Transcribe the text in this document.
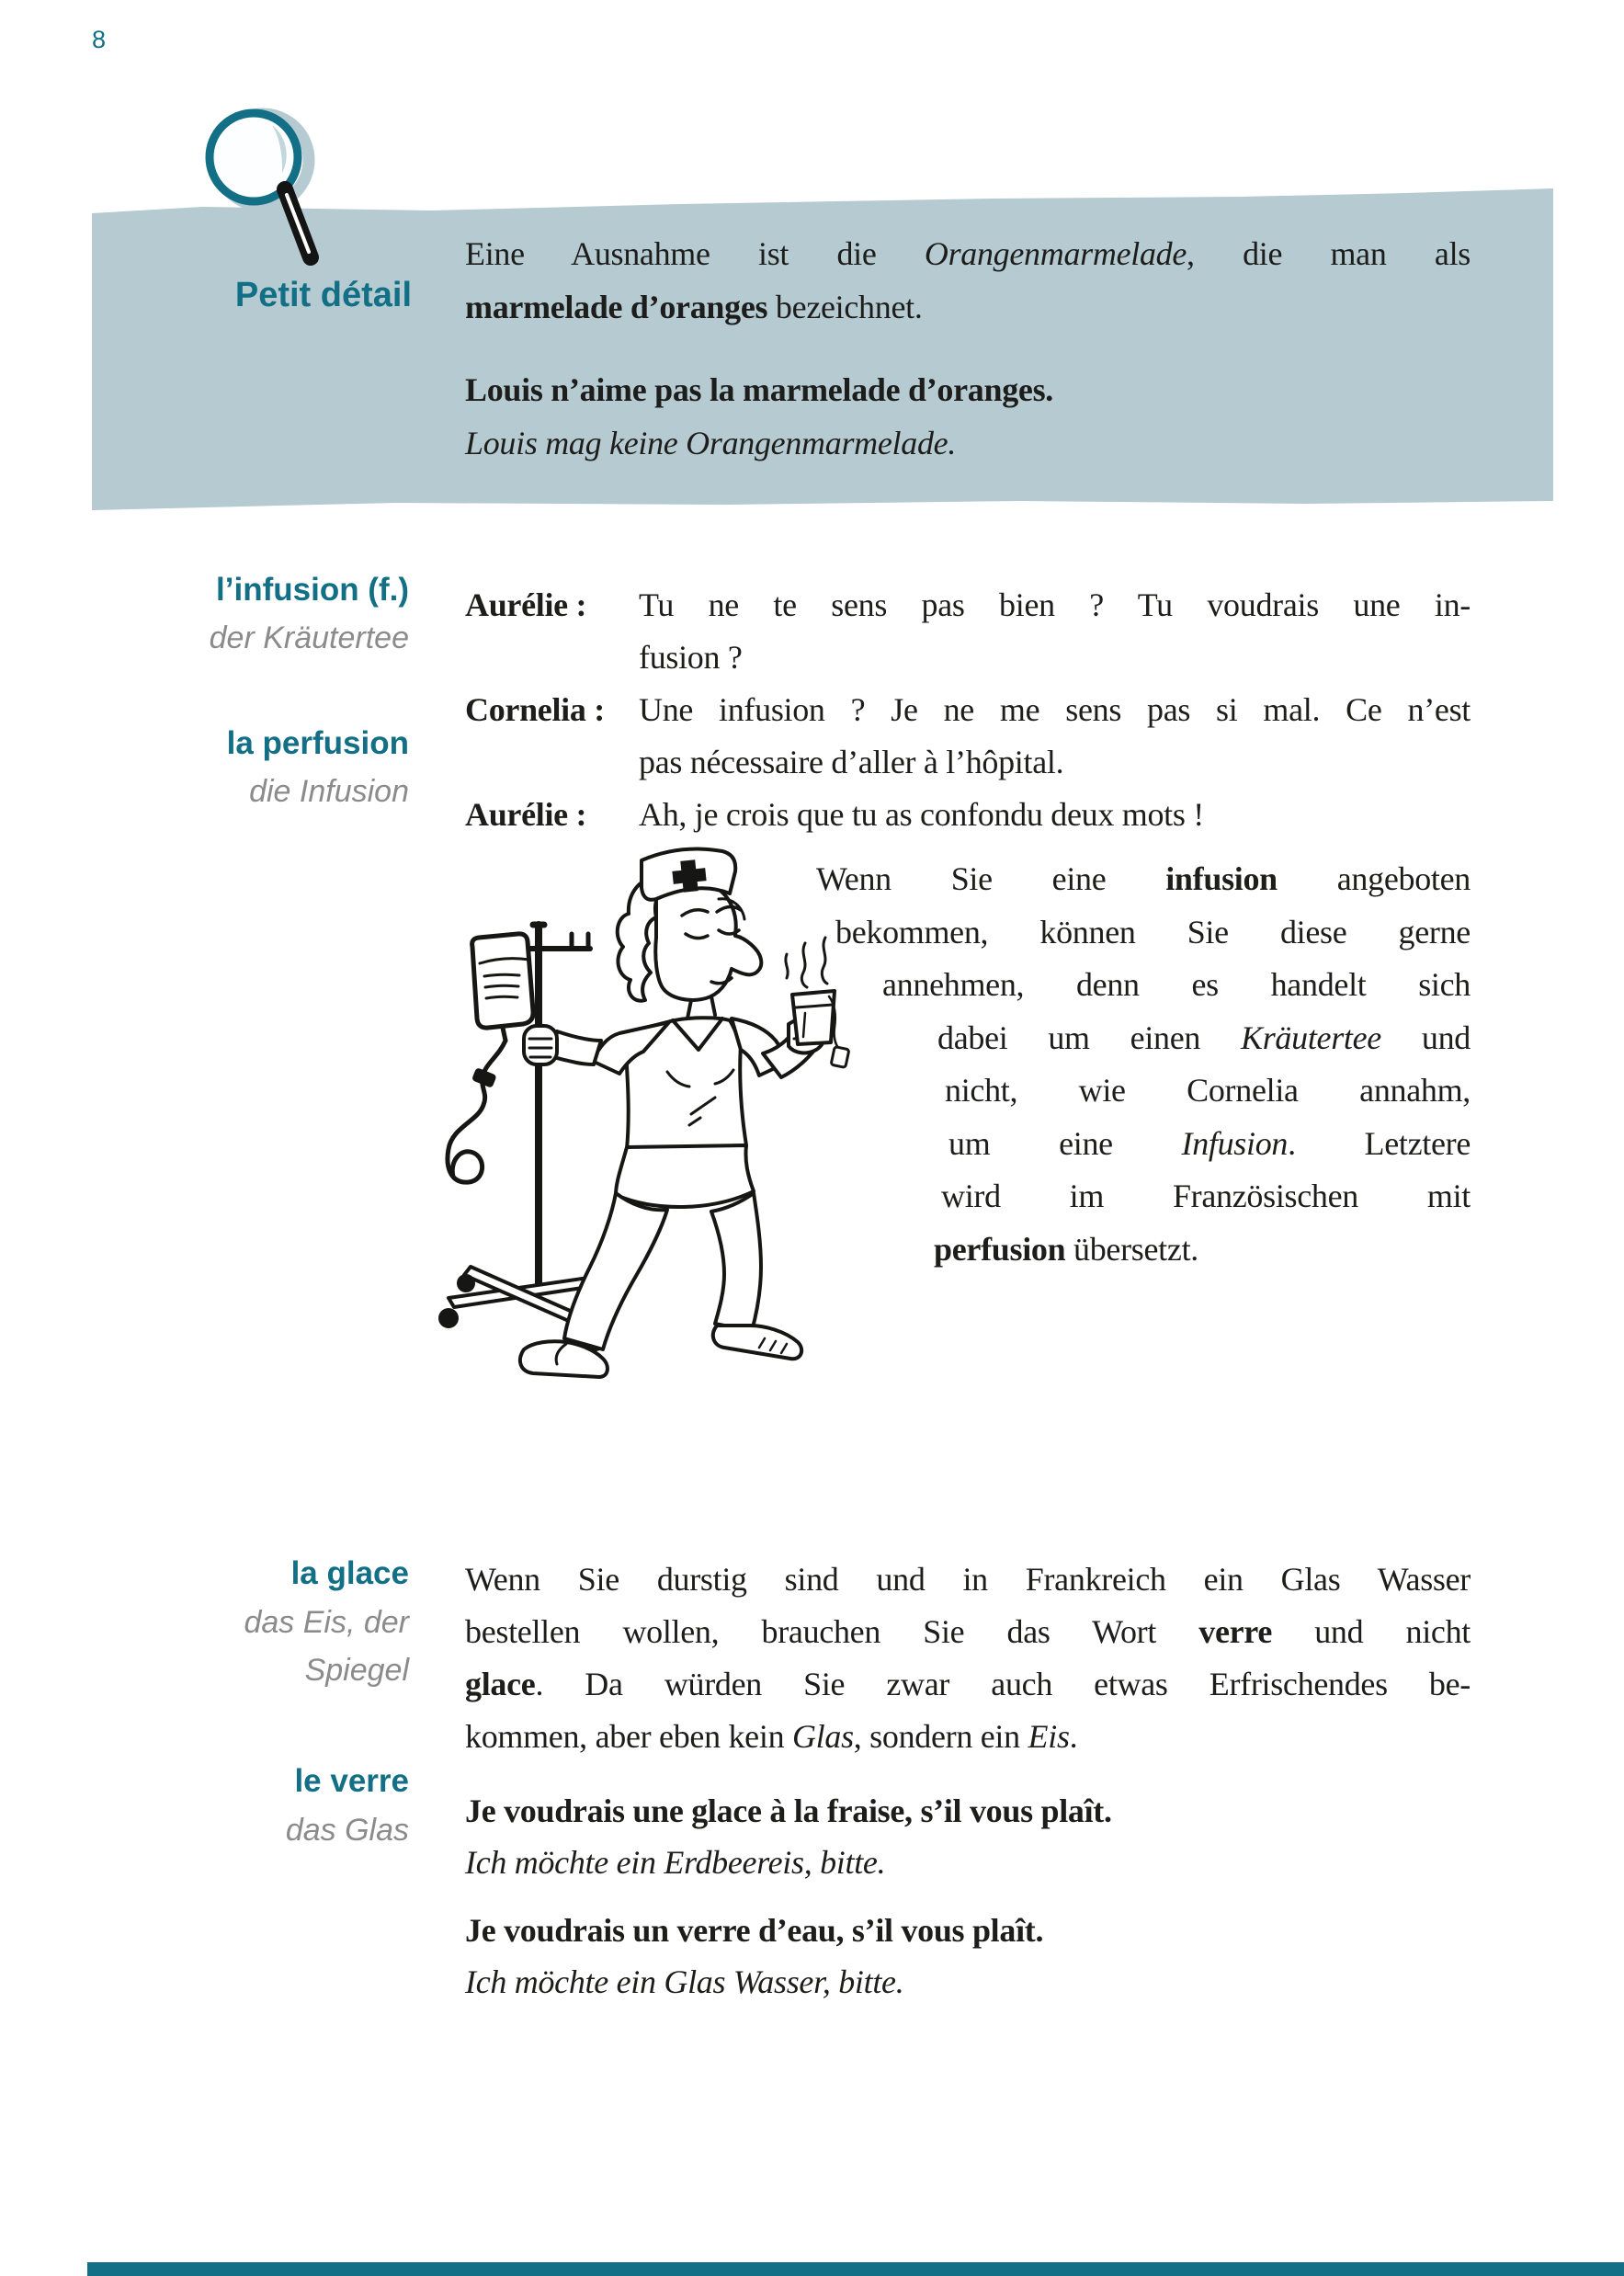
8
Petit détail
Eine Ausnahme ist die Orangenmarmelade, die man als
marmelade d’oranges bezeichnet.
Louis n’aime pas la marmelade d’oranges.
Louis mag keine Orangenmarmelade.
l’infusion (f.)
der Kräutertee
la perfusion
die Infusion
Aurélie : Tu ne te sens pas bien ? Tu voudrais une in-
fusion ?
Cornelia : Une infusion ? Je ne me sens pas si mal. Ce n’est
pas nécessaire d’aller à l’hôpital.
Aurélie : Ah, je crois que tu as confondu deux mots !
Wenn Sie eine infusion angeboten
bekommen, können Sie diese gerne
annehmen, denn es handelt sich
dabei um einen Kräutertee und
nicht, wie Cornelia annahm,
um eine Infusion. Letztere
wird im Französischen mit
perfusion übersetzt.
la glace
das Eis, der
Spiegel
le verre
das Glas
Wenn Sie durstig sind und in Frankreich ein Glas Wasser
bestellen wollen, brauchen Sie das Wort verre und nicht
glace. Da würden Sie zwar auch etwas Erfrischendes be-
kommen, aber eben kein Glas, sondern ein Eis.
Je voudrais une glace à la fraise, s’il vous plaît.
Ich möchte ein Erdbeereis, bitte.
Je voudrais un verre d’eau, s’il vous plaît.
Ich möchte ein Glas Wasser, bitte.
